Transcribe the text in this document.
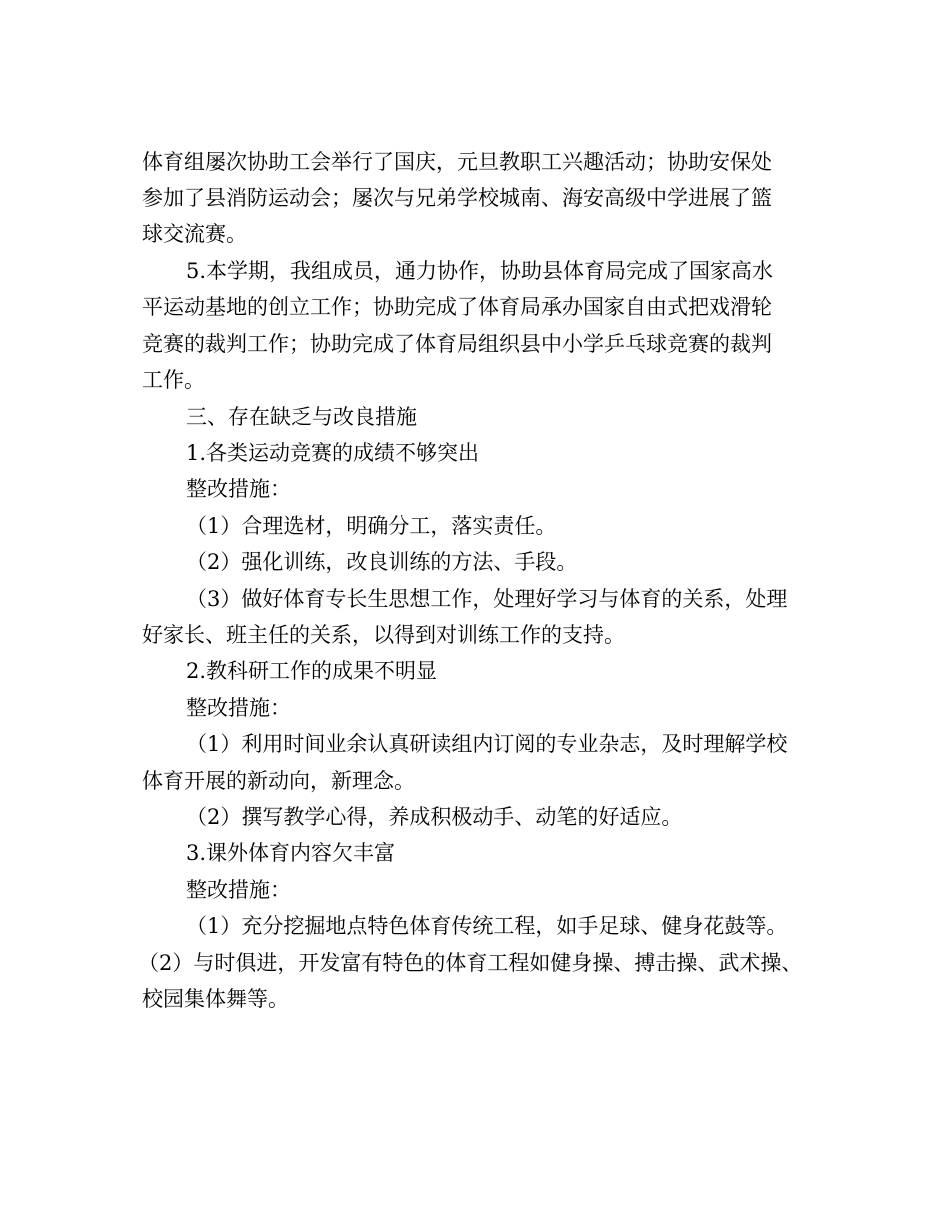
体育组屡次协助工会举行了国庆，元旦教职工兴趣活动；协助安保处
参加了县消防运动会；屡次与兄弟学校城南、海安高级中学进展了篮
球交流赛。
5.本学期，我组成员，通力协作，协助县体育局完成了国家高水
平运动基地的创立工作；协助完成了体育局承办国家自由式把戏滑轮
竞赛的裁判工作；协助完成了体育局组织县中小学乒乓球竞赛的裁判
工作。
三、存在缺乏与改良措施
1.各类运动竞赛的成绩不够突出
整改措施：
（1）合理选材，明确分工，落实责任。
（2）强化训练，改良训练的方法、手段。
（3）做好体育专长生思想工作，处理好学习与体育的关系，处理
好家长、班主任的关系，以得到对训练工作的支持。
2.教科研工作的成果不明显
整改措施：
（1）利用时间业余认真研读组内订阅的专业杂志，及时理解学校
体育开展的新动向，新理念。
（2）撰写教学心得，养成积极动手、动笔的好适应。
3.课外体育内容欠丰富
整改措施：
（1）充分挖掘地点特色体育传统工程，如手足球、健身花鼓等。
（2）与时俱进，开发富有特色的体育工程如健身操、搏击操、武术操、
校园集体舞等。
